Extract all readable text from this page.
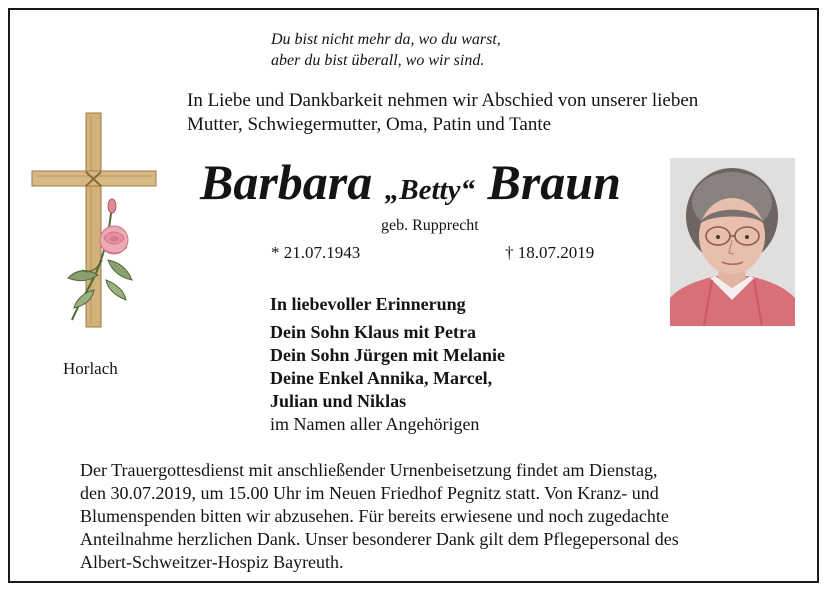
Du bist nicht mehr da, wo du warst,
aber du bist überall, wo wir sind.
In Liebe und Dankbarkeit nehmen wir Abschied von unserer lieben
Mutter, Schwiegermutter, Oma, Patin und Tante
Barbara „Betty“ Braun
geb. Rupprecht
* 21.07.1943	† 18.07.2019
In liebevoller Erinnerung
Dein Sohn Klaus mit Petra
Dein Sohn Jürgen mit Melanie
Deine Enkel Annika, Marcel,
Julian und Niklas
im Namen aller Angehörigen
Horlach
Der Trauergottesdienst mit anschließender Urnenbeisetzung findet am Dienstag,
den 30.07.2019, um 15.00 Uhr im Neuen Friedhof Pegnitz statt. Von Kranz- und
Blumenspenden bitten wir abzusehen. Für bereits erwiesene und noch zugedachte
Anteilnahme herzlichen Dank. Unser besonderer Dank gilt dem Pflegepersonal des
Albert-Schweitzer-Hospiz Bayreuth.
